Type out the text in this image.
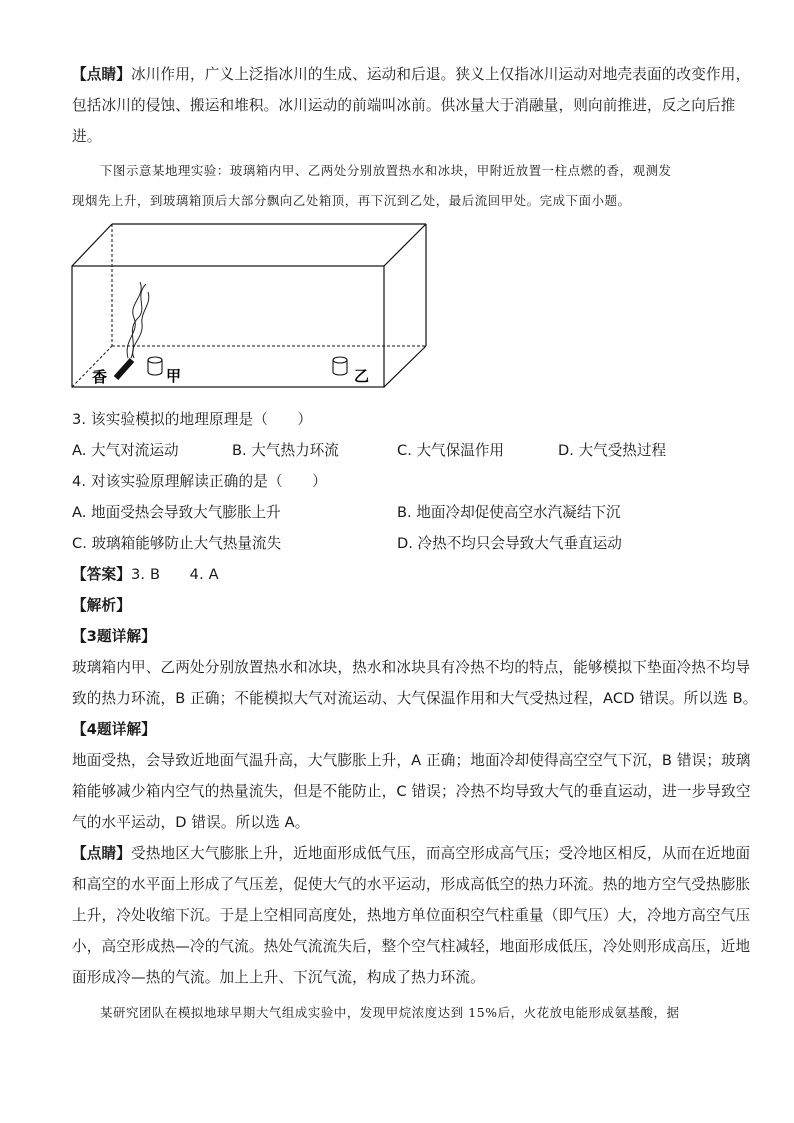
【点睛】冰川作用，广义上泛指冰川的生成、运动和后退。狭义上仅指冰川运动对地壳表面的改变作用，
包括冰川的侵蚀、搬运和堆积。冰川运动的前端叫冰前。供冰量大于消融量，则向前推进，反之向后推
进。
下图示意某地理实验：玻璃箱内甲、乙两处分别放置热水和冰块，甲附近放置一柱点燃的香，观测发
现烟先上升，到玻璃箱顶后大部分飘向乙处箱顶，再下沉到乙处，最后流回甲处。完成下面小题。
香	甲	乙
3. 该实验模拟的地理原理是（　　）
A. 大气对流运动	B. 大气热力环流	C. 大气保温作用	D. 大气受热过程
4. 对该实验原理解读正确的是（　　）
A. 地面受热会导致大气膨胀上升	B. 地面冷却促使高空水汽凝结下沉
C. 玻璃箱能够防止大气热量流失	D. 冷热不均只会导致大气垂直运动
【答案】3. B　　4. A
【解析】
【3题详解】
玻璃箱内甲、乙两处分别放置热水和冰块，热水和冰块具有冷热不均的特点，能够模拟下垫面冷热不均导
致的热力环流，B 正确；不能模拟大气对流运动、大气保温作用和大气受热过程，ACD 错误。所以选 B。
【4题详解】
地面受热，会导致近地面气温升高，大气膨胀上升，A 正确；地面冷却使得高空空气下沉，B 错误；玻璃
箱能够减少箱内空气的热量流失，但是不能防止，C 错误；冷热不均导致大气的垂直运动，进一步导致空
气的水平运动，D 错误。所以选 A。
【点睛】受热地区大气膨胀上升，近地面形成低气压，而高空形成高气压；受冷地区相反，从而在近地面
和高空的水平面上形成了气压差，促使大气的水平运动，形成高低空的热力环流。热的地方空气受热膨胀
上升，冷处收缩下沉。于是上空相同高度处，热地方单位面积空气柱重量（即气压）大，冷地方高空气压
小，高空形成热—冷的气流。热处气流流失后，整个空气柱减轻，地面形成低压，冷处则形成高压，近地
面形成冷—热的气流。加上上升、下沉气流，构成了热力环流。
某研究团队在模拟地球早期大气组成实验中，发现甲烷浓度达到 15%后，火花放电能形成氨基酸，据
